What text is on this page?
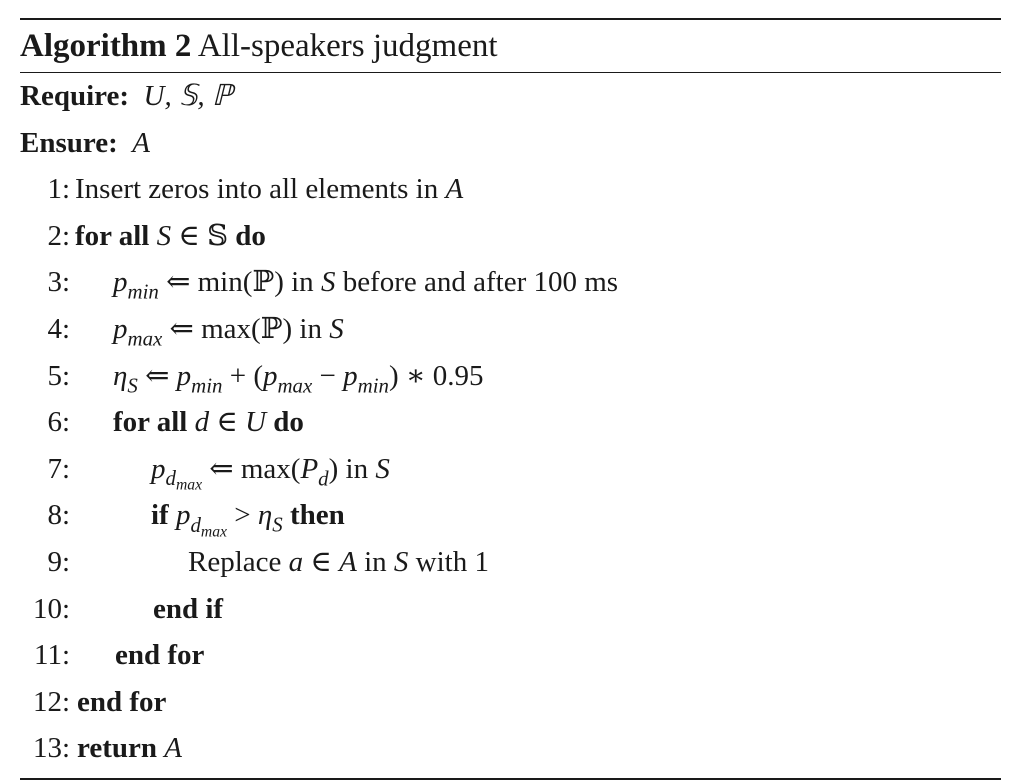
Algorithm 2 All-speakers judgment
Require: U, 𝕊, ℙ
Ensure: A
1: Insert zeros into all elements in A
2: for all S ∈ 𝕊 do
3: $p_{min}$ ⇐ min(ℙ) in S before and after 100 ms
4: $p_{max}$ ⇐ max(ℙ) in S
5: $\eta_S$ ⇐ $p_{min} + (p_{max} - p_{min})$ ∗ 0.95
6: for all d ∈ U do
7:	$p_{d_{max}}$ ⇐ $\max(P_d)$ in S
8:	if $p_{d_{max}} > \eta_S$ then
9:	Replace a ∈ A in S with 1
10:	end if
11: end for
12: end for
13: return A
